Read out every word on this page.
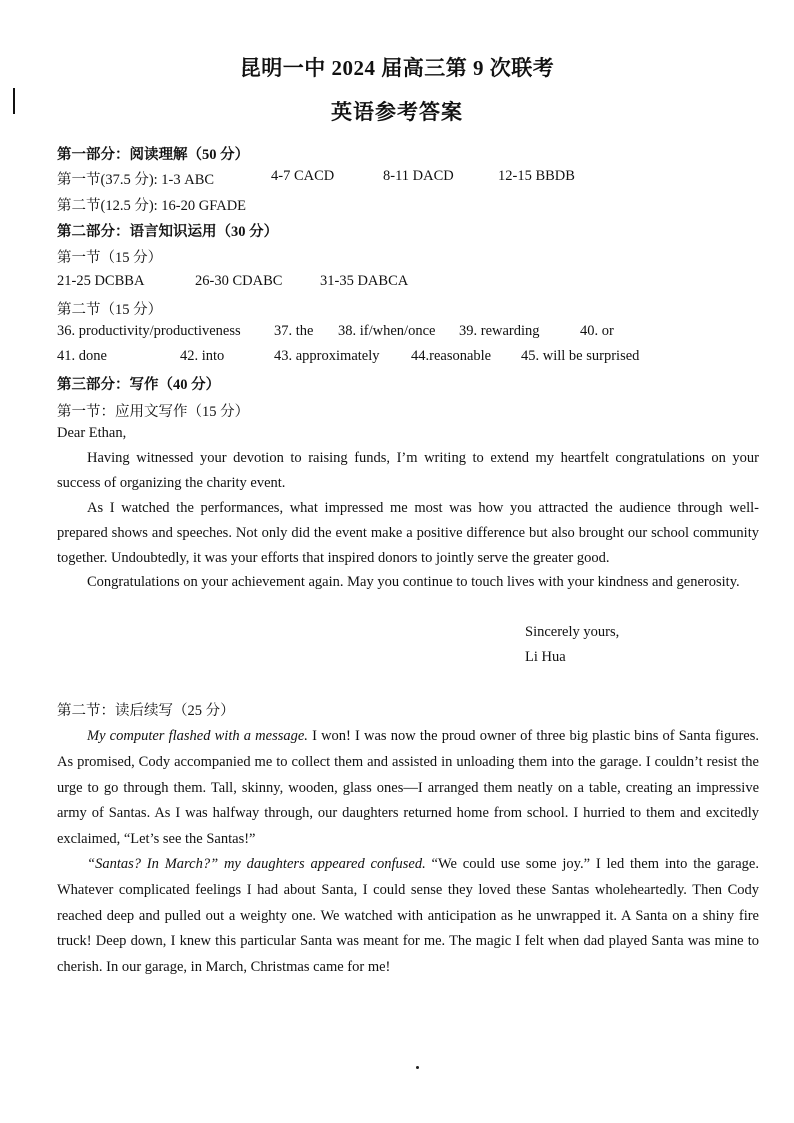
昆明一中 2024 届高三第 9 次联考
英语参考答案
第一部分：阅读理解（50 分）
第一节(37.5 分): 1-3 ABC	4-7 CACD	8-11 DACD	12-15 BBDB
第二节(12.5 分): 16-20 GFADE
第二部分：语言知识运用（30 分）
第一节（15 分）
21-25 DCBBA	26-30 CDABC	31-35 DABCA
第二节（15 分）
36. productivity/productiveness 37. the 38. if/when/once 39. rewarding	40. or
41. done	42. into	43. approximately 44.reasonable 45. will be surprised
第三部分：写作（40 分）
第一节：应用文写作（15 分）
Dear Ethan,
Having witnessed your devotion to raising funds, I’m writing to extend my heartfelt congratulations on your success of organizing the charity event.
As I watched the performances, what impressed me most was how you attracted the audience through well-prepared shows and speeches. Not only did the event make a positive difference but also brought our school community together. Undoubtedly, it was your efforts that inspired donors to jointly serve the greater good.
Congratulations on your achievement again. May you continue to touch lives with your kindness and generosity.
Sincerely yours,
Li Hua
第二节：读后续写（25 分）
My computer flashed with a message. I won! I was now the proud owner of three big plastic bins of Santa figures. As promised, Cody accompanied me to collect them and assisted in unloading them into the garage. I couldn’t resist the urge to go through them. Tall, skinny, wooden, glass ones—I arranged them neatly on a table, creating an impressive army of Santas. As I was halfway through, our daughters returned home from school. I hurried to them and excitedly exclaimed, “Let’s see the Santas!”
“Santas? In March?” my daughters appeared confused. “We could use some joy.” I led them into the garage. Whatever complicated feelings I had about Santa, I could sense they loved these Santas wholeheartedly. Then Cody reached deep and pulled out a weighty one. We watched with anticipation as he unwrapped it. A Santa on a shiny fire truck! Deep down, I knew this particular Santa was meant for me. The magic I felt when dad played Santa was mine to cherish. In our garage, in March, Christmas came for me!
